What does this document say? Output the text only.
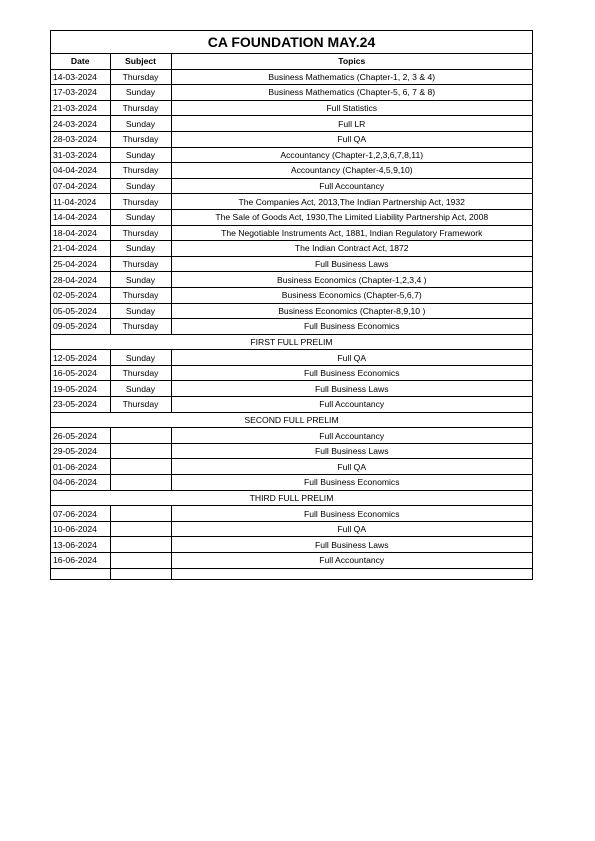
CA FOUNDATION MAY.24
Date	Subject	Topics
14-03-2024	Thursday	Business Mathematics (Chapter-1, 2, 3 & 4)
17-03-2024	Sunday	Business Mathematics (Chapter-5, 6, 7 & 8)
21-03-2024	Thursday	Full Statistics
24-03-2024	Sunday	Full LR
28-03-2024	Thursday	Full QA
31-03-2024	Sunday	Accountancy (Chapter-1,2,3,6,7,8,11)
04-04-2024	Thursday	Accountancy (Chapter-4,5,9,10)
07-04-2024	Sunday	Full Accountancy
11-04-2024	Thursday	The Companies Act, 2013,The Indian Partnership Act, 1932
14-04-2024	Sunday	The Sale of Goods Act, 1930,The Limited Liability Partnership Act, 2008
18-04-2024	Thursday	The Negotiable Instruments Act, 1881, Indian Regulatory Framework
21-04-2024	Sunday	The Indian Contract Act, 1872
25-04-2024	Thursday	Full Business Laws
28-04-2024	Sunday	Business Economics (Chapter-1,2,3,4 )
02-05-2024	Thursday	Business Economics (Chapter-5,6,7)
05-05-2024	Sunday	Business Economics (Chapter-8,9,10 )
09-05-2024	Thursday	Full Business Economics
FIRST FULL PRELIM		
12-05-2024	Sunday	Full QA
16-05-2024	Thursday	Full Business Economics
19-05-2024	Sunday	Full Business Laws
23-05-2024	Thursday	Full Accountancy
SECOND FULL PRELIM		
26-05-2024		Full Accountancy
29-05-2024		Full Business Laws
01-06-2024		Full QA
04-06-2024		Full Business Economics
THIRD FULL PRELIM		
07-06-2024		Full Business Economics
10-06-2024		Full QA
13-06-2024		Full Business Laws
16-06-2024		Full Accountancy
